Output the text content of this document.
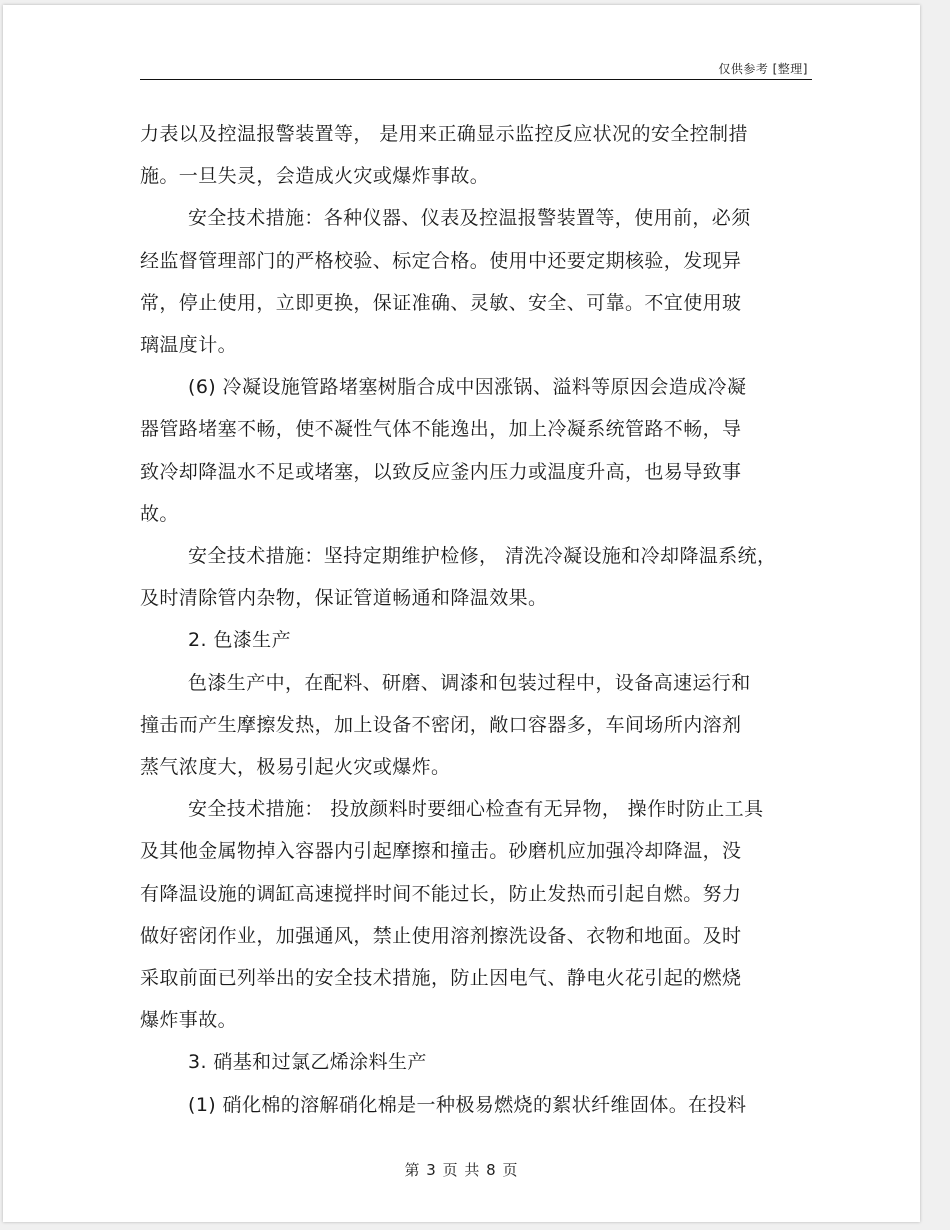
仅供参考 [整理]
力表以及控温报警装置等， 是用来正确显示监控反应状况的安全控制措
施。一旦失灵，会造成火灾或爆炸事故。
安全技术措施：各种仪器、仪表及控温报警装置等，使用前，必须
经监督管理部门的严格校验、标定合格。使用中还要定期核验，发现异
常，停止使用，立即更换，保证准确、灵敏、安全、可靠。不宜使用玻
璃温度计。
(6) 冷凝设施管路堵塞树脂合成中因涨锅、溢料等原因会造成冷凝
器管路堵塞不畅，使不凝性气体不能逸出，加上冷凝系统管路不畅，导
致冷却降温水不足或堵塞，以致反应釜内压力或温度升高，也易导致事
故。
安全技术措施：坚持定期维护检修， 清洗冷凝设施和冷却降温系统，
及时清除管内杂物，保证管道畅通和降温效果。
2. 色漆生产
色漆生产中，在配料、研磨、调漆和包装过程中，设备高速运行和
撞击而产生摩擦发热，加上设备不密闭，敞口容器多，车间场所内溶剂
蒸气浓度大，极易引起火灾或爆炸。
安全技术措施： 投放颜料时要细心检查有无异物， 操作时防止工具
及其他金属物掉入容器内引起摩擦和撞击。砂磨机应加强冷却降温，没
有降温设施的调缸高速搅拌时间不能过长，防止发热而引起自燃。努力
做好密闭作业，加强通风，禁止使用溶剂擦洗设备、衣物和地面。及时
采取前面已列举出的安全技术措施，防止因电气、静电火花引起的燃烧
爆炸事故。
3. 硝基和过氯乙烯涂料生产
(1) 硝化棉的溶解硝化棉是一种极易燃烧的絮状纤维固体。在投料
第 3 页 共 8 页
